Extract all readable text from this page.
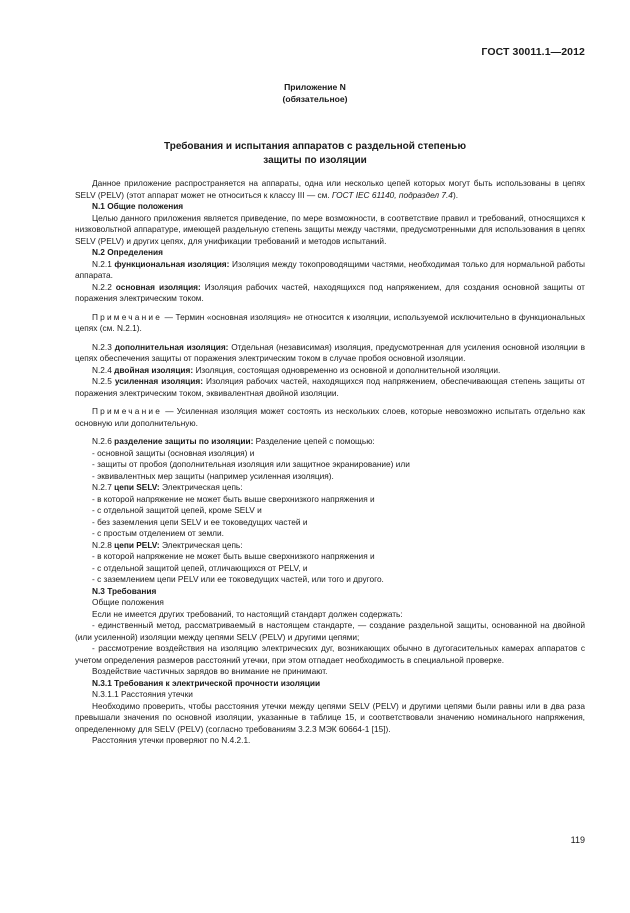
ГОСТ 30011.1—2012
Приложение N
(обязательное)
Требования и испытания аппаратов с раздельной степенью
защиты по изоляции

Данное приложение распространяется на аппараты, одна или несколько цепей которых могут быть использованы в цепях SELV (PELV) (этот аппарат может не относиться к классу III — см. ГОСТ IEC 61140, подраздел 7.4).

N.1 Общие положения

Целью данного приложения является приведение, по мере возможности, в соответствие правил и требований, относящихся к низковольтной аппаратуре, имеющей раздельную степень защиты между частями, предусмотренными для использования в цепях SELV (PELV) и других цепях, для унификации требований и методов испытаний.

N.2 Определения

N.2.1 функциональная изоляция: Изоляция между токопроводящими частями, необходимая только для нормальной работы аппарата.

N.2.2 основная изоляция: Изоляция рабочих частей, находящихся под напряжением, для создания основной защиты от поражения электрическим током.

Примечание — Термин «основная изоляция» не относится к изоляции, используемой исключительно в функциональных цепях (см. N.2.1).

N.2.3 дополнительная изоляция: Отдельная (независимая) изоляция, предусмотренная для усиления основной изоляции в цепях обеспечения защиты от поражения электрическим током в случае пробоя основной изоляции.

N.2.4 двойная изоляция: Изоляция, состоящая одновременно из основной и дополнительной изоляции.

N.2.5 усиленная изоляция: Изоляция рабочих частей, находящихся под напряжением, обеспечивающая степень защиты от поражения электрическим током, эквивалентная двойной изоляции.

Примечание — Усиленная изоляция может состоять из нескольких слоев, которые невозможно испытать отдельно как основную или дополнительную.

N.2.6 разделение защиты по изоляции: Разделение цепей с помощью:

- основной защиты (основная изоляция) и

- защиты от пробоя (дополнительная изоляция или защитное экранирование) или

- эквивалентных мер защиты (например усиленная изоляция).

N.2.7 цепи SELV: Электрическая цепь:

- в которой напряжение не может быть выше сверхнизкого напряжения и

- с отдельной защитой цепей, кроме SELV и

- без заземления цепи SELV и ее токоведущих частей и

- с простым отделением от земли.

N.2.8 цепи PELV: Электрическая цепь:

- в которой напряжение не может быть выше сверхнизкого напряжения и

- с отдельной защитой цепей, отличающихся от PELV, и

- с заземлением цепи PELV или ее токоведущих частей, или того и другого.

N.3 Требования

Общие положения

Если не имеется других требований, то настоящий стандарт должен содержать:

- единственный метод, рассматриваемый в настоящем стандарте, — создание раздельной защиты, основанной на двойной (или усиленной) изоляции между цепями SELV (PELV) и другими цепями;

- рассмотрение воздействия на изоляцию электрических дуг, возникающих обычно в дугогасительных камерах аппаратов с учетом определения размеров расстояний утечки, при этом отпадает необходимость в специальной проверке.

Воздействие частичных зарядов во внимание не принимают.

N.3.1 Требования к электрической прочности изоляции

N.3.1.1 Расстояния утечки

Необходимо проверить, чтобы расстояния утечки между цепями SELV (PELV) и другими цепями были равны или в два раза превышали значения по основной изоляции, указанные в таблице 15, и соответствовали значению номинального напряжения, определенному для SELV (PELV) (согласно требованиям 3.2.3 МЭК 60664-1 [15]).

Расстояния утечки проверяют по N.4.2.1.

119
